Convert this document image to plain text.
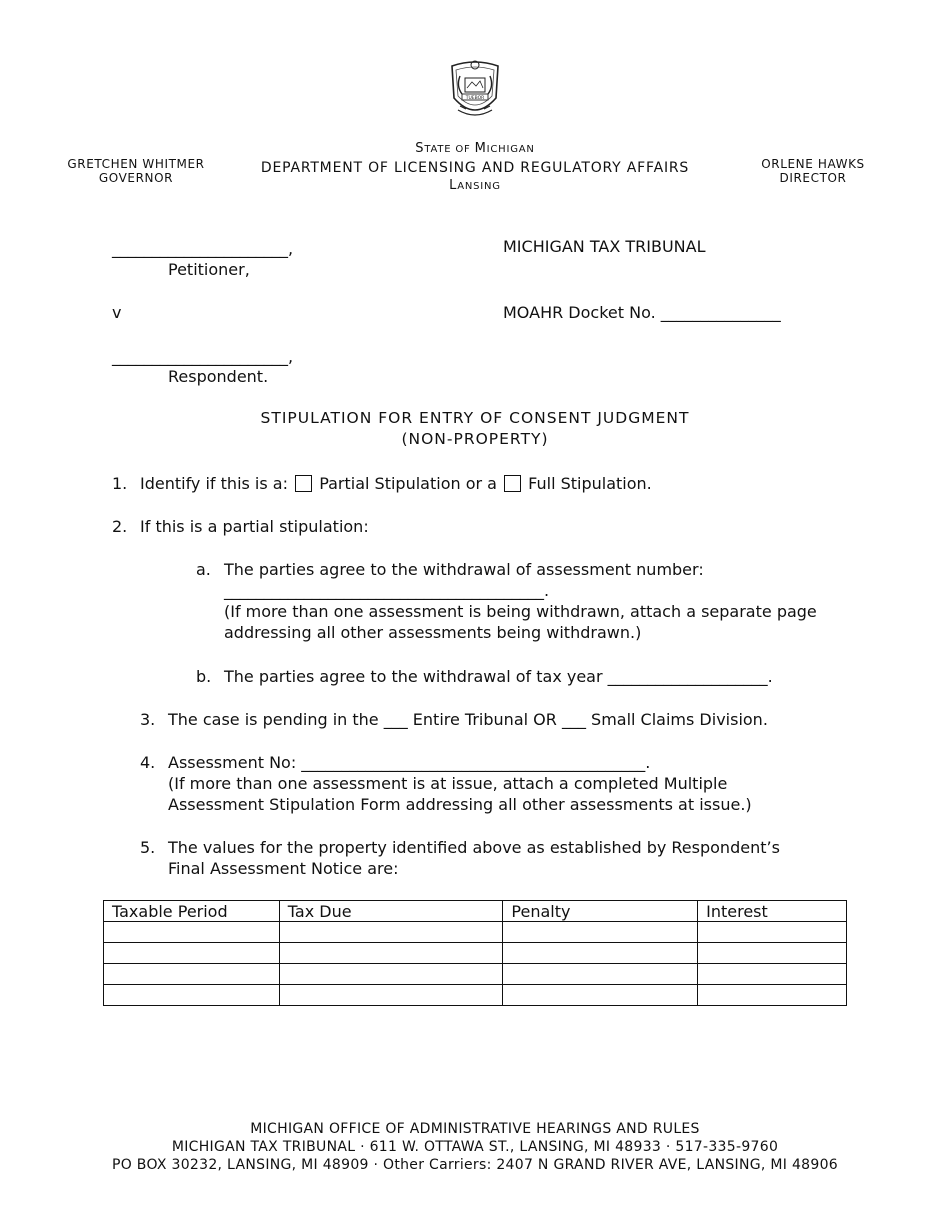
TUEBOR
GRETCHEN WHITMER
GOVERNOR
ORLENE HAWKS
DIRECTOR
STATE OF MICHIGAN
DEPARTMENT OF LICENSING AND REGULATORY AFFAIRS
LANSING
______________________,
Petitioner,
v
______________________,
Respondent.
MICHIGAN TAX TRIBUNAL
MOAHR Docket No. _______________
STIPULATION FOR ENTRY OF CONSENT JUDGMENT
(NON-PROPERTY)
1. Identify if this is a: Partial Stipulation or a Full Stipulation.
2. If this is a partial stipulation:
a. The parties agree to the withdrawal of assessment number:
________________________________________.
(If more than one assessment is being withdrawn, attach a separate page
addressing all other assessments being withdrawn.)
b. The parties agree to the withdrawal of tax year ____________________.
3. The case is pending in the ___ Entire Tribunal OR ___ Small Claims Division.
4. Assessment No: ___________________________________________.
(If more than one assessment is at issue, attach a completed Multiple
Assessment Stipulation Form addressing all other assessments at issue.)
5. The values for the property identified above as established by Respondent’s
Final Assessment Notice are:
Taxable Period	Tax Due	Penalty	Interest

MICHIGAN OFFICE OF ADMINISTRATIVE HEARINGS AND RULES
MICHIGAN TAX TRIBUNAL · 611 W. OTTAWA ST., LANSING, MI 48933 · 517-335-9760
PO BOX 30232, LANSING, MI 48909 · Other Carriers: 2407 N GRAND RIVER AVE, LANSING, MI 48906
